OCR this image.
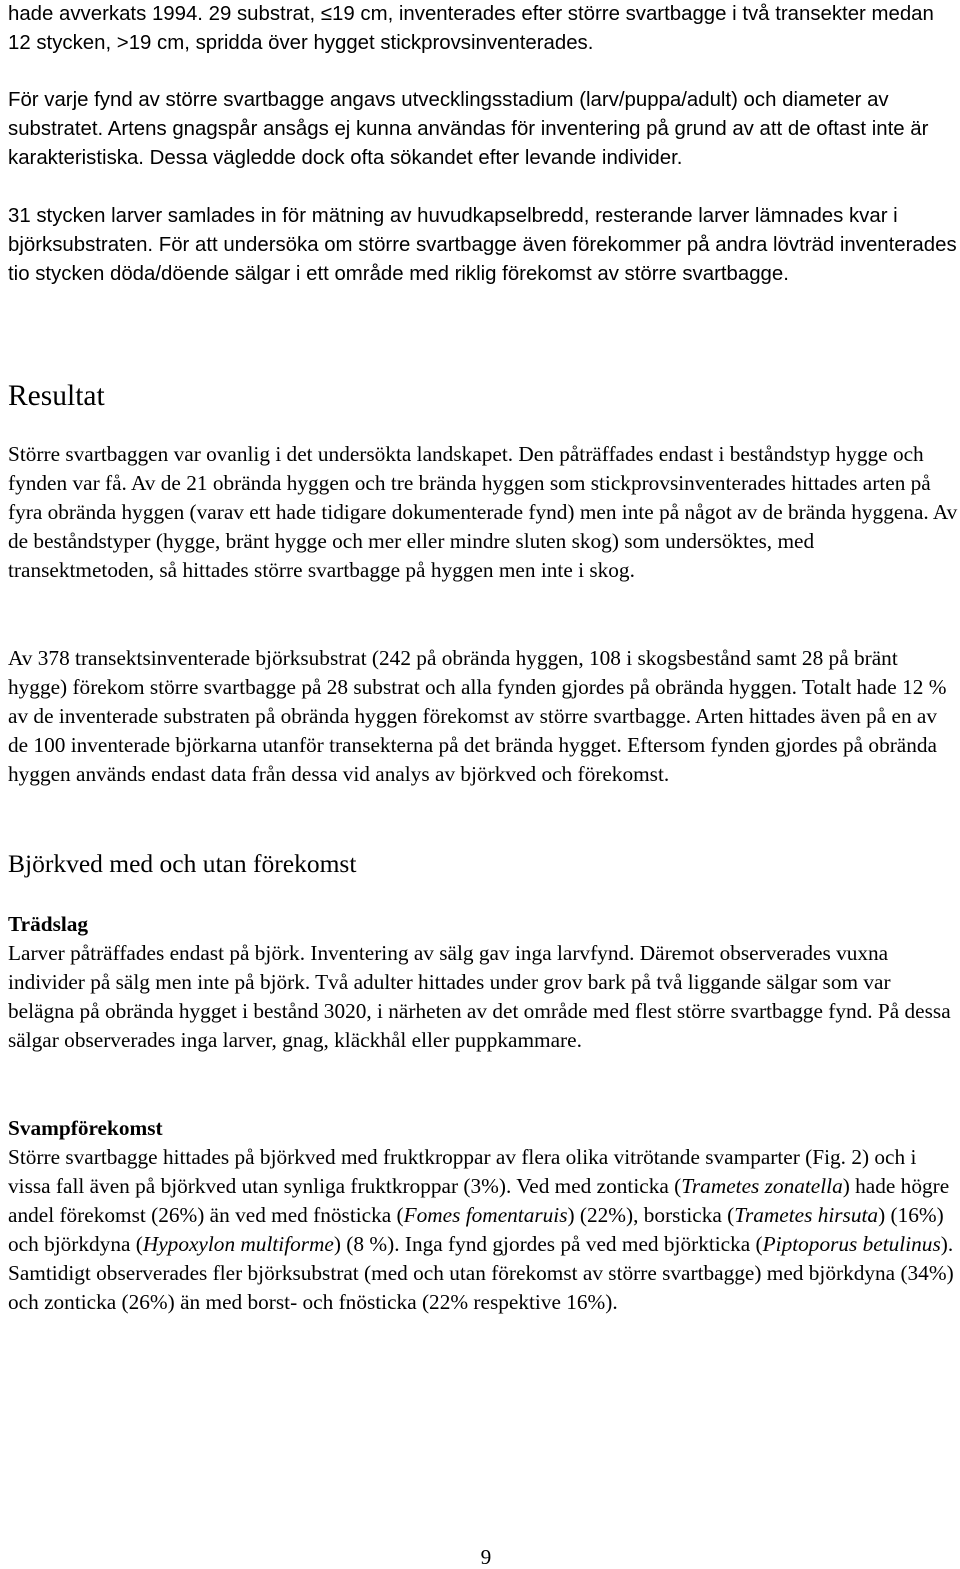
hade avverkats 1994. 29 substrat, ≤19 cm, inventerades efter större svartbagge i två transekter medan 12 stycken, >19 cm, spridda över hygget stickprovsinventerades.

För varje fynd av större svartbagge angavs utvecklingsstadium (larv/puppa/adult) och diameter av substratet. Artens gnagspår ansågs ej kunna användas för inventering på grund av att de oftast inte är karakteristiska. Dessa vägledde dock ofta sökandet efter levande individer.

31 stycken larver samlades in för mätning av huvudkapselbredd, resterande larver lämnades kvar i björksubstraten. För att undersöka om större svartbagge även förekommer på andra lövträd inventerades tio stycken döda/döende sälgar i ett område med riklig förekomst av större svartbagge.

Resultat

Större svartbaggen var ovanlig i det undersökta landskapet. Den påträffades endast i beståndstyp hygge och fynden var få. Av de 21 obrända hyggen och tre brända hyggen som stickprovsinventerades hittades arten på fyra obrända hyggen (varav ett hade tidigare dokumenterade fynd) men inte på något av de brända hyggena. Av de beståndstyper (hygge, bränt hygge och mer eller mindre sluten skog) som undersöktes, med transektmetoden, så hittades större svartbagge på hyggen men inte i skog.

Av 378 transektsinventerade björksubstrat (242 på obrända hyggen, 108 i skogsbestånd samt 28 på bränt hygge) förekom större svartbagge på 28 substrat och alla fynden gjordes på obrända hyggen. Totalt hade 12 % av de inventerade substraten på obrända hyggen förekomst av större svartbagge. Arten hittades även på en av de 100 inventerade björkarna utanför transekterna på det brända hygget. Eftersom fynden gjordes på obrända hyggen används endast data från dessa vid analys av björkved och förekomst.

Björkved med och utan förekomst
Trädslag

Larver påträffades endast på björk. Inventering av sälg gav inga larvfynd. Däremot observerades vuxna individer på sälg men inte på björk. Två adulter hittades under grov bark på två liggande sälgar som var belägna på obrända hygget i bestånd 3020, i närheten av det område med flest större svartbagge fynd. På dessa sälgar observerades inga larver, gnag, kläckhål eller puppkammare.

Svampförekomst

Större svartbagge hittades på björkved med fruktkroppar av flera olika vitrötande svamparter (Fig. 2) och i vissa fall även på björkved utan synliga fruktkroppar (3%). Ved med zonticka (Trametes zonatella) hade högre andel förekomst (26%) än ved med fnösticka (Fomes fomentaruis) (22%), borsticka (Trametes hirsuta) (16%) och björkdyna (Hypoxylon multiforme) (8 %). Inga fynd gjordes på ved med björkticka (Piptoporus betulinus). Samtidigt observerades fler björksubstrat (med och utan förekomst av större svartbagge) med björkdyna (34%) och zonticka (26%) än med borst- och fnösticka (22% respektive 16%).

9
